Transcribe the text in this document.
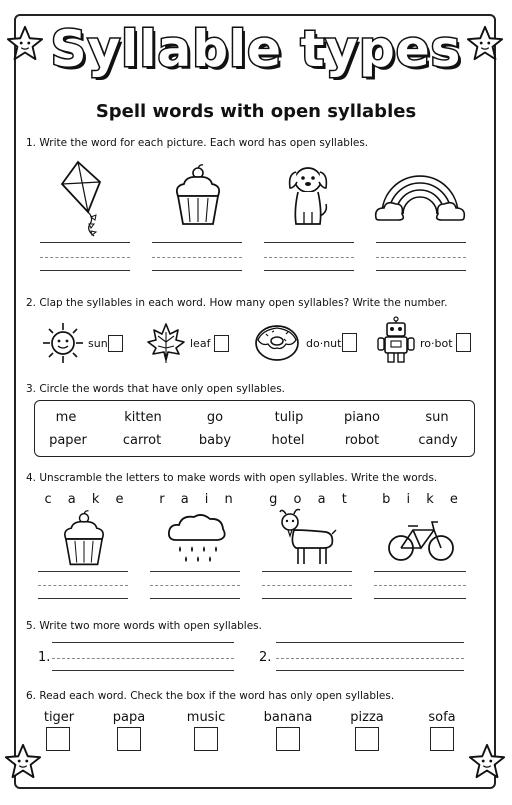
Syllable types
Spell words with open syllables
1. Write the word for each picture. Each word has open syllables.
2. Clap the syllables in each word. How many open syllables? Write the number.
sun	leaf	do·nut	ro·bot
3. Circle the words that have only open syllables.
me	kitten	go	tulip	piano	sun
paper	carrot	baby	hotel	robot	candy
4. Unscramble the letters to make words with open syllables. Write the words.
c a k e	r a i n	g o a t	b i k e
5. Write two more words with open syllables.
1.	2.
6. Read each word. Check the box if the word has only open syllables.
tiger	papa	music	banana	pizza	sofa
